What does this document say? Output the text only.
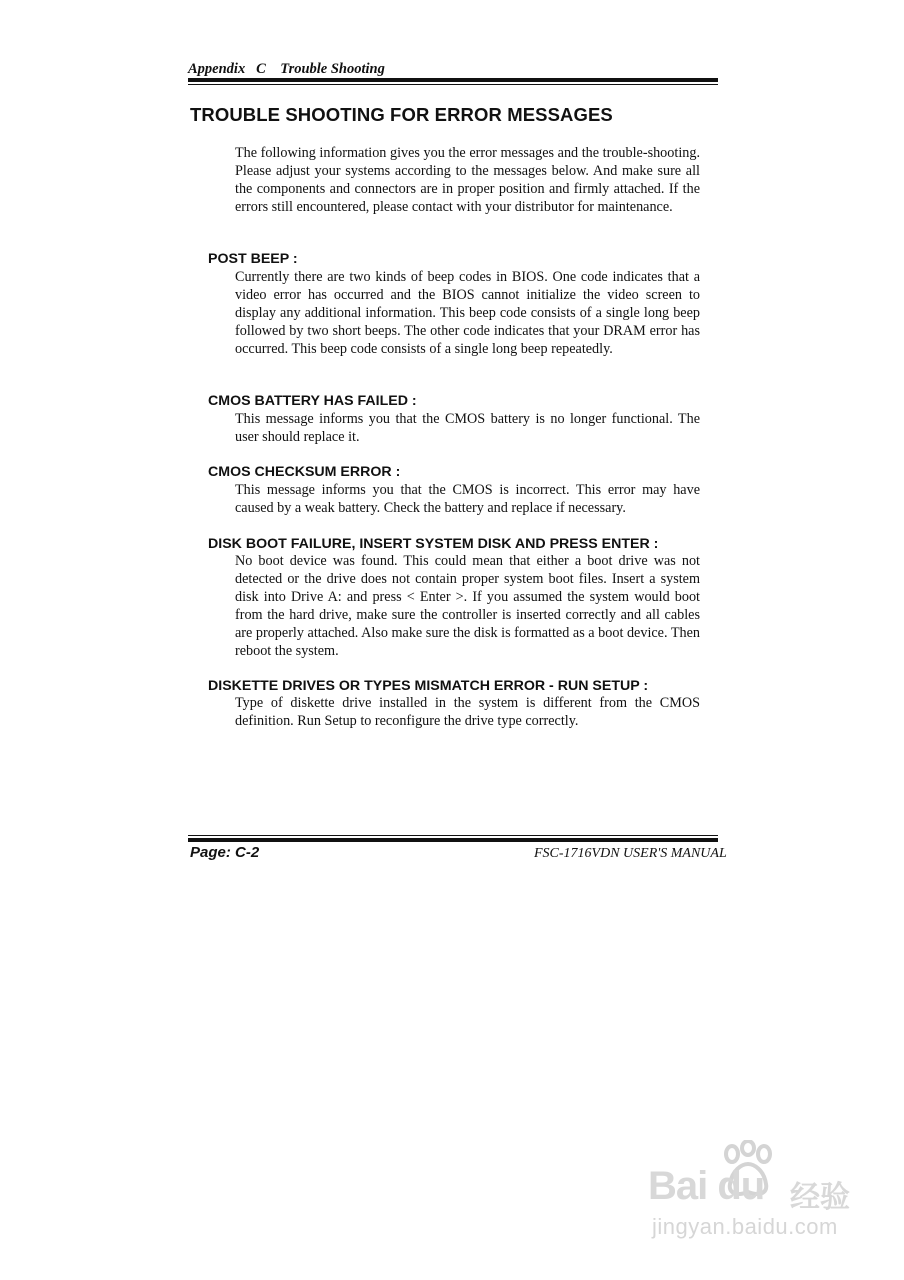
Appendix   C    Trouble Shooting
TROUBLE SHOOTING FOR ERROR MESSAGES

The following information gives you the error messages and the trouble-shooting. Please adjust your systems according to the messages below. And make sure all the components and connectors are in proper position and firmly attached. If the errors still encountered, please contact with your distributor for maintenance.

POST BEEP :

Currently there are two kinds of beep codes in BIOS. One code indicates that a video error has occurred and the BIOS cannot initialize the video screen to display any additional information. This beep code consists of a single long beep followed by two short beeps. The other code indicates that your DRAM error has occurred. This beep code consists of a single long beep repeatedly.

CMOS BATTERY HAS FAILED :

This message informs you that the CMOS battery is no longer functional. The user should replace it.

CMOS CHECKSUM ERROR :

This message informs you that the CMOS is incorrect. This error may have caused by a weak battery. Check the battery and replace if necessary.

DISK BOOT FAILURE, INSERT SYSTEM DISK AND PRESS ENTER :

No boot device was found. This could mean that either a boot drive was not detected or the drive does not contain proper system boot files. Insert a system disk into Drive A: and press < Enter >. If you assumed the system would boot from the hard drive, make sure the controller is inserted correctly and all cables are properly attached. Also make sure the disk is formatted as a boot device. Then reboot the system.

DISKETTE DRIVES OR TYPES MISMATCH ERROR - RUN SETUP :

Type of diskette drive installed in the system is different from the CMOS definition. Run Setup to reconfigure the drive type correctly.

Page: C-2	FSC-1716VDN USER'S MANUAL
Bai du 经验
jingyan.baidu.com
